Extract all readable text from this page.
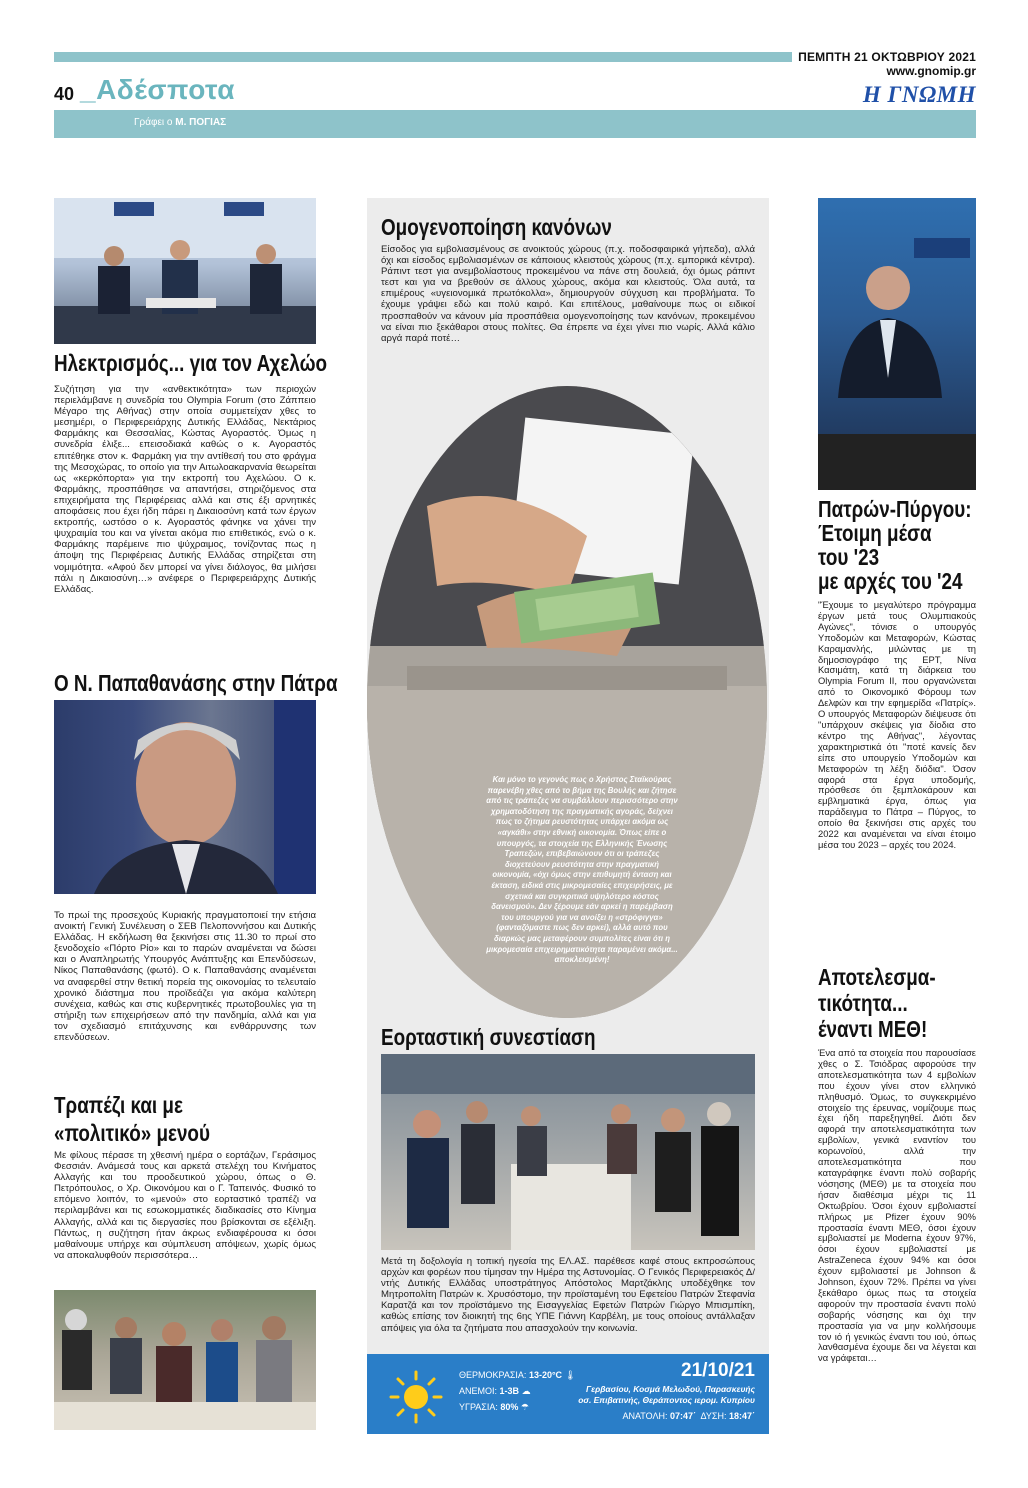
ΠΕΜΠΤΗ 21 ΟΚΤΩΒΡΙΟΥ 2021
www.gnomip.gr
Η ΓΝΩΜΗ
40 _Αδέσποτα
Γράφει ο Μ. ΠΟΓΙΑΣ
Ηλεκτρισμός... για τον Αχελώο
Συζήτηση για την «ανθεκτικότητα» των περιοχών περιελάμβανε η συνεδρία του Olympia Forum (στο Ζάππειο Μέγαρο της Αθήνας) στην οποία συμμετείχαν χθες το μεσημέρι, ο Περιφερειάρχης Δυτικής Ελλάδας, Νεκτάριος Φαρμάκης και Θεσσαλίας, Κώστας Αγοραστός. Όμως η συνεδρία έλιξε... επεισοδιακά καθώς ο κ. Αγοραστός επιτέθηκε στον κ. Φαρμάκη για την αντίθεσή του στο φράγμα της Μεσοχώρας, το οποίο για την Αιτωλοακαρνανία θεωρείται ως «κερκόπορτα» για την εκτροπή του Αχελώου. Ο κ. Φαρμάκης, προσπάθησε να απαντήσει, στηριζόμενος στα επιχειρήματα της Περιφέρειας αλλά και στις έξι αρνητικές αποφάσεις που έχει ήδη πάρει η Δικαιοσύνη κατά των έργων εκτροπής, ωστόσο ο κ. Αγοραστός φάνηκε να χάνει την ψυχραιμία του και να γίνεται ακόμα πιο επιθετικός, ενώ ο κ. Φαρμάκης παρέμεινε πιο ψύχραιμος, τονίζοντας πως η άποψη της Περιφέρειας Δυτικής Ελλάδας στηρίζεται στη νομιμότητα. «Αφού δεν μπορεί να γίνει διάλογος, θα μιλήσει πάλι η Δικαιοσύνη…» ανέφερε ο Περιφερειάρχης Δυτικής Ελλάδας.
Ο Ν. Παπαθανάσης στην Πάτρα
Το πρωί της προσεχούς Κυριακής πραγματοποιεί την ετήσια ανοικτή Γενική Συνέλευση ο ΣΕΒ Πελοποννήσου και Δυτικής Ελλάδας. Η εκδήλωση θα ξεκινήσει στις 11.30 το πρωί στο ξενοδοχείο «Πόρτο Ρίο» και το παρών αναμένεται να δώσει και ο Αναπληρωτής Υπουργός Ανάπτυξης και Επενδύσεων, Νίκος Παπαθανάσης (φωτό). Ο κ. Παπαθανάσης αναμένεται να αναφερθεί στην θετική πορεία της οικονομίας το τελευταίο χρονικό διάστημα που προϊδεάζει για ακόμα καλύτερη συνέχεια, καθώς και στις κυβερνητικές πρωτοβουλίες για τη στήριξη των επιχειρήσεων από την πανδημία, αλλά και για τον σχεδιασμό επιτάχυνσης και ενθάρρυνσης των επενδύσεων.
Τραπέζι και με
«πολιτικό» μενού
Με φίλους πέρασε τη χθεσινή ημέρα ο εορτάζων, Γεράσιμος Φεσσιάν. Ανάμεσά τους και αρκετά στελέχη του Κινήματος Αλλαγής και του προοδευτικού χώρου, όπως ο Θ. Πετρόπουλος, ο Χρ. Οικονόμου και ο Γ. Ταπεινός. Φυσικό το επόμενο λοιπόν, το «μενού» στο εορταστικό τραπέζι να περιλαμβάνει και τις εσωκομματικές διαδικασίες στο Κίνημα Αλλαγής, αλλά και τις διεργασίες που βρίσκονται σε εξέλιξη. Πάντως, η συζήτηση ήταν άκρως ενδιαφέρουσα κι όσοι μαθαίνουμε υπήρχε και σύμπλευση απόψεων, χωρίς όμως να αποκαλυφθούν περισσότερα…
Ομογενοποίηση κανόνων
Είσοδος για εμβολιασμένους σε ανοικτούς χώρους (π.χ. ποδοσφαιρικά γήπεδα), αλλά όχι και είσοδος εμβολιασμένων σε κάποιους κλειστούς χώρους (π.χ. εμπορικά κέντρα). Ράπιντ τεστ για ανεμβολίαστους προκειμένου να πάνε στη δουλειά, όχι όμως ράπιντ τεστ και για να βρεθούν σε άλλους χώρους, ακόμα και κλειστούς. Όλα αυτά, τα επιμέρους «υγειονομικά πρωτόκολλα», δημιουργούν σύγχυση και προβλήματα. Το έχουμε γράψει εδώ και πολύ καιρό. Και επιτέλους, μαθαίνουμε πως οι ειδικοί προσπαθούν να κάνουν μία προσπάθεια ομογενοποίησης των κανόνων, προκειμένου να είναι πιο ξεκάθαροι στους πολίτες. Θα έπρεπε να έχει γίνει πιο νωρίς. Αλλά κάλιο αργά παρά ποτέ…
Και μόνο το γεγονός πως ο Χρήστος Σταϊκούρας παρενέβη χθες από το βήμα της Βουλής και ζήτησε από τις τράπεζες να συμβάλλουν περισσότερο στην χρηματοδότηση της πραγματικής αγοράς, δείχνει πως το ζήτημα ρευστότητας υπάρχει ακόμα ως «αγκάθι» στην εθνική οικονομία. Όπως είπε ο υπουργός, τα στοιχεία της Ελληνικής Ένωσης Τραπεζών, επιβεβαιώνουν ότι οι τράπεζες διοχετεύουν ρευστότητα στην πραγματική οικονομία, «όχι όμως στην επιθυμητή ένταση και έκταση, ειδικά στις μικρομεσαίες επιχειρήσεις, με σχετικά και συγκριτικά υψηλότερο κόστος δανεισμού». Δεν ξέρουμε εάν αρκεί η παρέμβαση του υπουργού για να ανοίξει η «στρόφιγγα» (φανταζόμαστε πως δεν αρκεί), αλλά αυτό που διαρκώς μας μεταφέρουν συμπολίτες είναι ότι η μικρομεσαία επιχειρηματικότητα παραμένει ακόμα... αποκλεισμένη!
Εορταστική συνεστίαση
Μετά τη δοξολογία η τοπική ηγεσία της ΕΛ.ΑΣ. παρέθεσε καφέ στους εκπροσώπους αρχών και φορέων που τίμησαν την Ημέρα της Αστυνομίας. Ο Γενικός Περιφερειακός Δ/ντής Δυτικής Ελλάδας υποστράτηγος Απόστολος Μαρτζάκλης υποδέχθηκε τον Μητροπολίτη Πατρών κ. Χρυσόστομο, την προϊσταμένη του Εφετείου Πατρών Στεφανία Καρατζά και τον προϊστάμενο της Εισαγγελίας Εφετών Πατρών Γιώργο Μπισμπίκη, καθώς επίσης τον διοικητή της 6ης ΥΠΕ Γιάννη Καρβέλη, με τους οποίους αντάλλαξαν απόψεις για όλα τα ζητήματα που απασχολούν την κοινωνία.
ΘΕΡΜΟΚΡΑΣΙΑ: 13-20°C 🌡
ΑΝΕΜΟΙ: 1-3B ☁
ΥΓΡΑΣΙΑ: 80% ☂
21/10/21
Γερβασίου, Κοσμά Μελωδού, Παρασκευής
οσ. Επιβατινής, Θεράποντος ιερομ. Κυπρίου
ΑΝΑΤΟΛΗ: 07:47΄ ΔΥΣΗ: 18:47΄
Πατρών-Πύργου:
Έτοιμη μέσα
του '23
με αρχές του '24
"Έχουμε το μεγαλύτερο πρόγραμμα έργων μετά τους Ολυμπιακούς Αγώνες", τόνισε ο υπουργός Υποδομών και Μεταφορών, Κώστας Καραμανλής, μιλώντας με τη δημοσιογράφο της ΕΡΤ, Νίνα Κασιμάτη, κατά τη διάρκεια του Olympia Forum ΙΙ, που οργανώνεται από το Οικονομικό Φόρουμ των Δελφών και την εφημερίδα «Πατρίς». Ο υπουργός Μεταφορών διέψευσε ότι "υπάρχουν σκέψεις για δίοδια στο κέντρο της Αθήνας", λέγοντας χαρακτηριστικά ότι "ποτέ κανείς δεν είπε στο υπουργείο Υποδομών και Μεταφορών τη λέξη διόδια". Όσον αφορά στα έργα υποδομής, πρόσθεσε ότι ξεμπλοκάρουν και εμβληματικά έργα, όπως για παράδειγμα το Πάτρα – Πύργος, το οποίο θα ξεκινήσει στις αρχές του 2022 και αναμένεται να είναι έτοιμο μέσα του 2023 – αρχές του 2024.
Αποτελεσμα-
τικότητα...
έναντι ΜΕΘ!
Ένα από τα στοιχεία που παρουσίασε χθες ο Σ. Τσιόδρας αφορούσε την αποτελεσματικότητα των 4 εμβολίων που έχουν γίνει στον ελληνικό πληθυσμό. Όμως, το συγκεκριμένο στοιχείο της έρευνας, νομίζουμε πως έχει ήδη παρεξηγηθεί. Διότι δεν αφορά την αποτελεσματικότητα των εμβολίων, γενικά εναντίον του κορωνοϊού, αλλά την αποτελεσματικότητα που καταγράφηκε έναντι πολύ σοβαρής νόσησης (ΜΕΘ) με τα στοιχεία που ήσαν διαθέσιμα μέχρι τις 11 Οκτωβρίου. Όσοι έχουν εμβολιαστεί πλήρως με Pfizer έχουν 90% προστασία έναντι ΜΕΘ, όσοι έχουν εμβολιαστεί με Moderna έχουν 97%, όσοι έχουν εμβολιαστεί με AstraZeneca έχουν 94% και όσοι έχουν εμβολιαστεί με Johnson & Johnson, έχουν 72%. Πρέπει να γίνει ξεκάθαρο όμως πως τα στοιχεία αφορούν την προστασία έναντι πολύ σοβαρής νόσησης και όχι την προστασία για να μην κολλήσουμε τον ιό ή γενικώς έναντι του ιού, όπως λανθασμένα έχουμε δει να λέγεται και να γράφεται…
